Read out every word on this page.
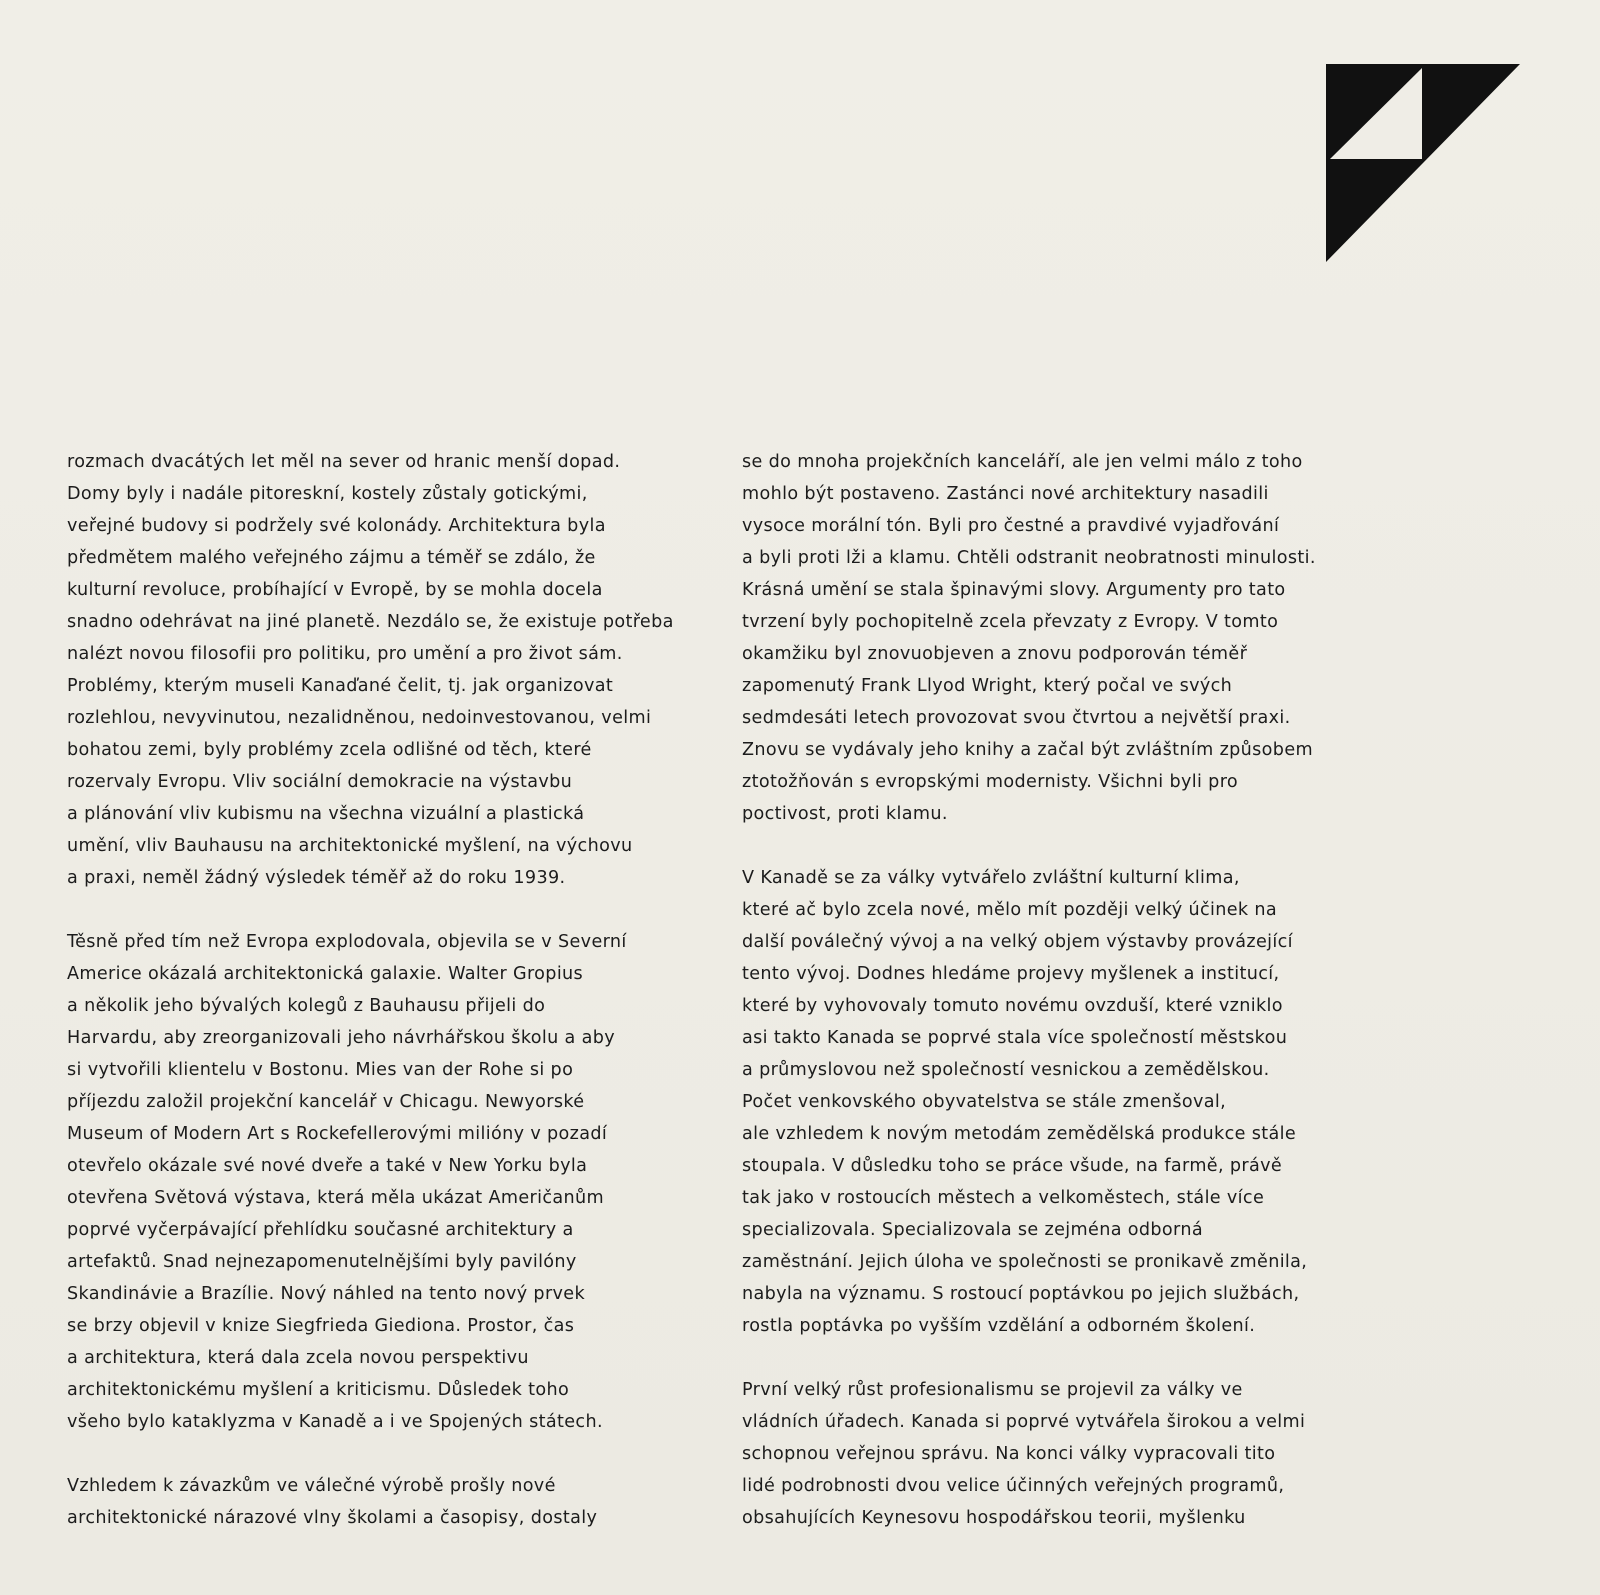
rozmach dvacátých let měl na sever od hranic menší dopad.
Domy byly i nadále pitoreskní, kostely zůstaly gotickými,
veřejné budovy si podržely své kolonády. Architektura byla
předmětem malého veřejného zájmu a téměř se zdálo, že
kulturní revoluce, probíhající v Evropě, by se mohla docela
snadno odehrávat na jiné planetě. Nezdálo se, že existuje potřeba
nalézt novou filosofii pro politiku, pro umění a pro život sám.
Problémy, kterým museli Kanaďané čelit, tj. jak organizovat
rozlehlou, nevyvinutou, nezalidněnou, nedoinvestovanou, velmi
bohatou zemi, byly problémy zcela odlišné od těch, které
rozervaly Evropu. Vliv sociální demokracie na výstavbu
a plánování vliv kubismu na všechna vizuální a plastická
umění, vliv Bauhausu na architektonické myšlení, na výchovu
a praxi, neměl žádný výsledek téměř až do roku 1939.

Těsně před tím než Evropa explodovala, objevila se v Severní
Americe okázalá architektonická galaxie. Walter Gropius
a několik jeho bývalých kolegů z Bauhausu přijeli do
Harvardu, aby zreorganizovali jeho návrhářskou školu a aby
si vytvořili klientelu v Bostonu. Mies van der Rohe si po
příjezdu založil projekční kancelář v Chicagu. Newyorské
Museum of Modern Art s Rockefellerovými milióny v pozadí
otevřelo okázale své nové dveře a také v New Yorku byla
otevřena Světová výstava, která měla ukázat Američanům
poprvé vyčerpávající přehlídku současné architektury a
artefaktů. Snad nejnezapomenutelnějšími byly pavilóny
Skandinávie a Brazílie. Nový náhled na tento nový prvek
se brzy objevil v knize Siegfrieda Giediona. Prostor, čas
a architektura, která dala zcela novou perspektivu
architektonickému myšlení a kriticismu. Důsledek toho
všeho bylo kataklyzma v Kanadě a i ve Spojených státech.

Vzhledem k závazkům ve válečné výrobě prošly nové
architektonické nárazové vlny školami a časopisy, dostaly

se do mnoha projekčních kanceláří, ale jen velmi málo z toho
mohlo být postaveno. Zastánci nové architektury nasadili
vysoce morální tón. Byli pro čestné a pravdivé vyjadřování
a byli proti lži a klamu. Chtěli odstranit neobratnosti minulosti.
Krásná umění se stala špinavými slovy. Argumenty pro tato
tvrzení byly pochopitelně zcela převzaty z Evropy. V tomto
okamžiku byl znovuobjeven a znovu podporován téměř
zapomenutý Frank Llyod Wright, který počal ve svých
sedmdesáti letech provozovat svou čtvrtou a největší praxi.
Znovu se vydávaly jeho knihy a začal být zvláštním způsobem
ztotožňován s evropskými modernisty. Všichni byli pro
poctivost, proti klamu.

V Kanadě se za války vytvářelo zvláštní kulturní klima,
které ač bylo zcela nové, mělo mít později velký účinek na
další poválečný vývoj a na velký objem výstavby provázející
tento vývoj. Dodnes hledáme projevy myšlenek a institucí,
které by vyhovovaly tomuto novému ovzduší, které vzniklo
asi takto Kanada se poprvé stala více společností městskou
a průmyslovou než společností vesnickou a zemědělskou.
Počet venkovského obyvatelstva se stále zmenšoval,
ale vzhledem k novým metodám zemědělská produkce stále
stoupala. V důsledku toho se práce všude, na farmě, právě
tak jako v rostoucích městech a velkoměstech, stále více
specializovala. Specializovala se zejména odborná
zaměstnání. Jejich úloha ve společnosti se pronikavě změnila,
nabyla na významu. S rostoucí poptávkou po jejich službách,
rostla poptávka po vyšším vzdělání a odborném školení.

První velký růst profesionalismu se projevil za války ve
vládních úřadech. Kanada si poprvé vytvářela širokou a velmi
schopnou veřejnou správu. Na konci války vypracovali tito
lidé podrobnosti dvou velice účinných veřejných programů,
obsahujících Keynesovu hospodářskou teorii, myšlenku
